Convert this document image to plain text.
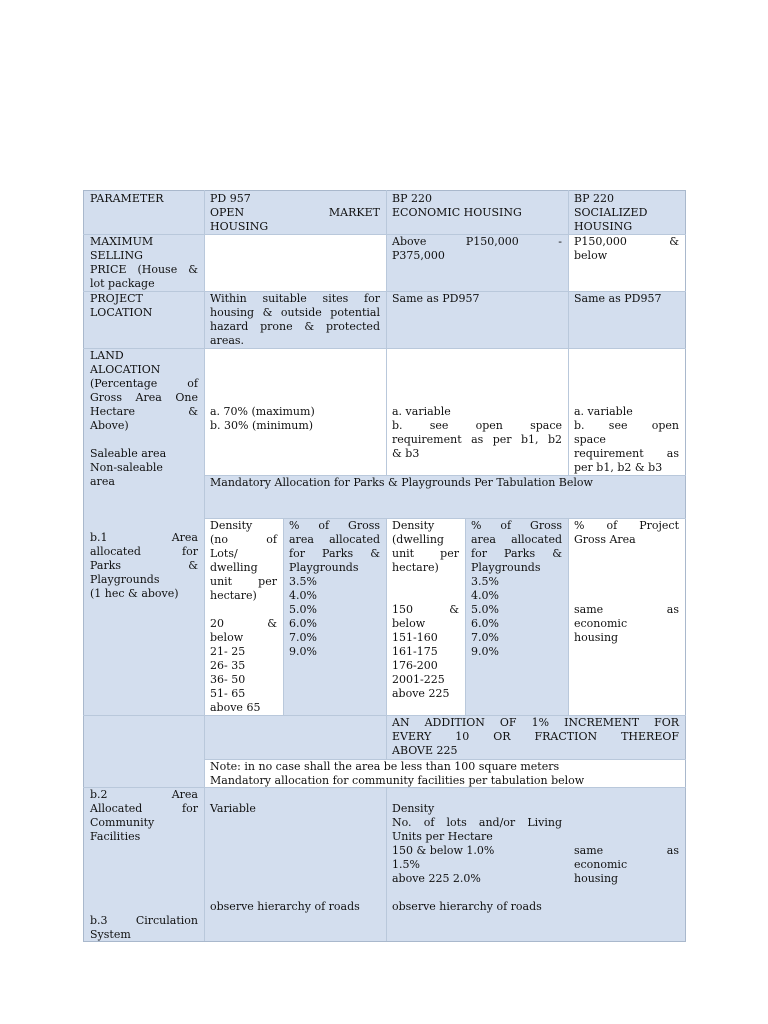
PARAMETER	PD 957
OPEN MARKET
HOUSING
BP 220
ECONOMIC HOUSING
BP 220
SOCIALIZED
HOUSING
MAXIMUM
SELLING
PRICE (House &
lot package
Above P150,000 -
P375,000
P150,000 &
below
PROJECT
LOCATION
Within suitable sites for
housing & outside potential
hazard prone & protected
areas.
Same as PD957	Same as PD957
LAND
ALOCATION
(Percentage of
Gross Area One
Hectare &
Above)
Saleable area
Non-saleable
area
a. 70% (maximum)
b. 30% (minimum)
a. variable
b. see open space
requirement as per b1, b2
& b3
a. variable
b. see open
space
requirement as
per b1, b2 & b3
Mandatory Allocation for Parks & Playgrounds Per Tabulation Below
b.1 Area
allocated for
Parks &
Playgrounds
(1 hec & above)
Density
(no of
Lots/
dwelling
unit per
hectare)
20 &
below
21- 25
26- 35
36- 50
51- 65
above 65
% of Gross
area allocated
for Parks &
Playgrounds
3.5%
4.0%
5.0%
6.0%
7.0%
9.0%
Density
(dwelling
unit per
hectare)
150 &
below
151-160
161-175
176-200
2001-225
above 225
% of Gross
area allocated
for Parks &
Playgrounds
3.5%
4.0%
5.0%
6.0%
7.0%
9.0%
% of Project
Gross Area
same as
economic
housing
AN ADDITION OF 1% INCREMENT FOR
EVERY 10 OR FRACTION THEREOF
ABOVE 225
Note: in no case shall the area be less than 100 square meters
Mandatory allocation for community facilities per tabulation below
b.2 Area
Allocated for
Community
Facilities
b.3 Circulation
System
Variable
observe hierarchy of roads
Density
No. of lots and/or Living
Units per Hectare
150 & below 1.0%
1.5%
above 225 2.0%
observe hierarchy of roads
same as
economic
housing
